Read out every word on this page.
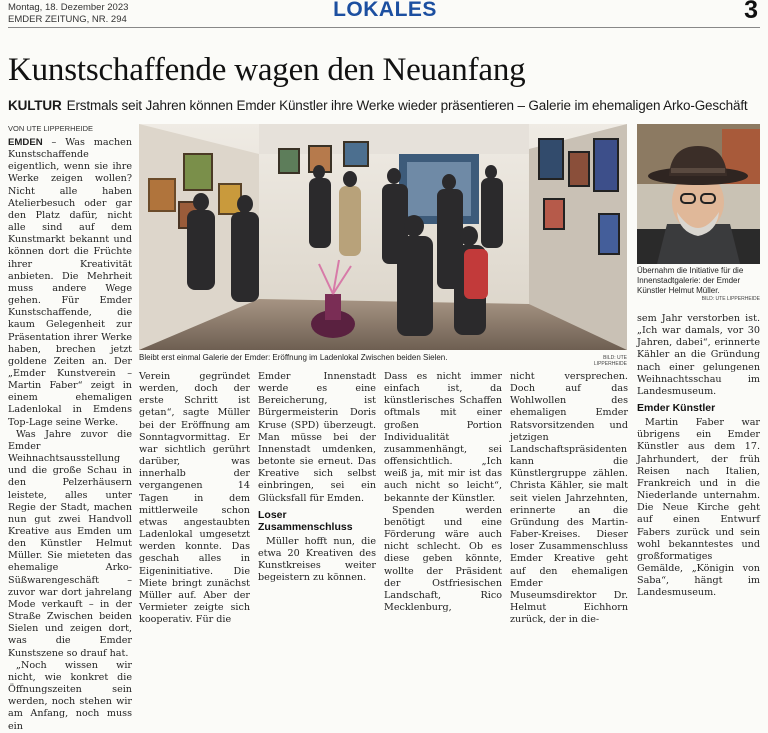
Montag, 18. Dezember 2023
EMDER ZEITUNG, NR. 294	LOKALES	3
Kunstschaffende wagen den Neuanfang
KULTUR Erstmals seit Jahren können Emder Künstler ihre Werke wieder präsentieren – Galerie im ehemaligen Arko-Geschäft
VON UTE LIPPERHEIDE

EMDEN – Was machen Kunstschaffende eigentlich, wenn sie ihre Werke zeigen wollen? Nicht alle haben Atelierbesuch oder gar den Platz dafür, nicht alle sind auf dem Kunstmarkt bekannt und können dort die Früchte ihrer Kreativität anbieten. Die Mehrheit muss andere Wege gehen. Für Emder Kunstschaffende, die kaum Gelegenheit zur Präsentation ihrer Werke haben, brechen jetzt goldene Zeiten an. Der „Emder Kunstverein – Martin Faber“ zeigt in einem ehemaligen Ladenlokal in Emdens Top-Lage seine Werke.

Was Jahre zuvor die Emder Weihnachtsausstellung und die große Schau in den Pelzerhäusern leistete, alles unter Regie der Stadt, machen nun gut zwei Handvoll Kreative aus Emden um den Künstler Helmut Müller. Sie mieteten das ehemalige Arko-Süßwarengeschäft – zuvor war dort jahrelang Mode verkauft – in der Straße Zwischen beiden Sielen und zeigen dort, was die Emder Kunstszene so drauf hat.

„Noch wissen wir nicht, wie konkret die Öffnungszeiten sein werden, noch stehen wir am Anfang, noch muss ein

Bleibt erst einmal Galerie der Emder: Eröffnung im Ladenlokal Zwischen beiden Sielen.	BILD: UTE LIPPERHEIDE
Übernahm die Initiative für die Innenstadtgalerie: der Emder Künstler Helmut Müller.
BILD: UTE LIPPERHEIDE

Verein gegründet werden, doch der erste Schritt ist getan“, sagte Müller bei der Eröffnung am Sonntagvormittag. Er war sichtlich gerührt darüber, was innerhalb der vergangenen 14 Tagen in dem mittlerweile schon etwas angestaubten Ladenlokal umgesetzt werden konnte. Das geschah alles in Eigeninitiative. Die Miete bringt zunächst Müller auf. Aber der Vermieter zeigte sich kooperativ. Für die

Emder Innenstadt werde es eine Bereicherung, ist Bürgermeisterin Doris Kruse (SPD) überzeugt. Man müsse bei der Innenstadt umdenken, betonte sie erneut. Das Kreative sich selbst einbringen, sei ein Glücksfall für Emden.

Loser Zusammenschluss

Müller hofft nun, die etwa 20 Kreativen des Kunstkreises weiter begeistern zu können.

Dass es nicht immer einfach ist, da künstlerisches Schaffen oftmals mit einer großen Portion Individualität zusammenhängt, sei offensichtlich. „Ich weiß ja, mit mir ist das auch nicht so leicht“, bekannte der Künstler.

Spenden werden benötigt und eine Förderung wäre auch nicht schlecht. Ob es diese geben könnte, wollte der Präsident der Ostfriesischen Landschaft, Rico Mecklenburg,

nicht versprechen. Doch auf das Wohlwollen des ehemaligen Emder Ratsvorsitzenden und jetzigen Landschaftspräsidenten kann die Künstlergruppe zählen. Christa Kähler, sie malt seit vielen Jahrzehnten, erinnerte an die Gründung des Martin-Faber-Kreises. Dieser loser Zusammenschluss Emder Kreative geht auf den ehemaligen Emder Museumsdirektor Dr. Helmut Eichhorn zurück, der in die-

sem Jahr verstorben ist. „Ich war damals, vor 30 Jahren, dabei“, erinnerte Kähler an die Gründung nach einer gelungenen Weihnachtsschau im Landesmuseum.

Emder Künstler

Martin Faber war übrigens ein Emder Künstler aus dem 17. Jahrhundert, der früh Reisen nach Italien, Frankreich und in die Niederlande unternahm. Die Neue Kirche geht auf einen Entwurf Fabers zurück und sein wohl bekanntestes und großformatiges Gemälde, „Königin von Saba“, hängt im Landesmuseum.
